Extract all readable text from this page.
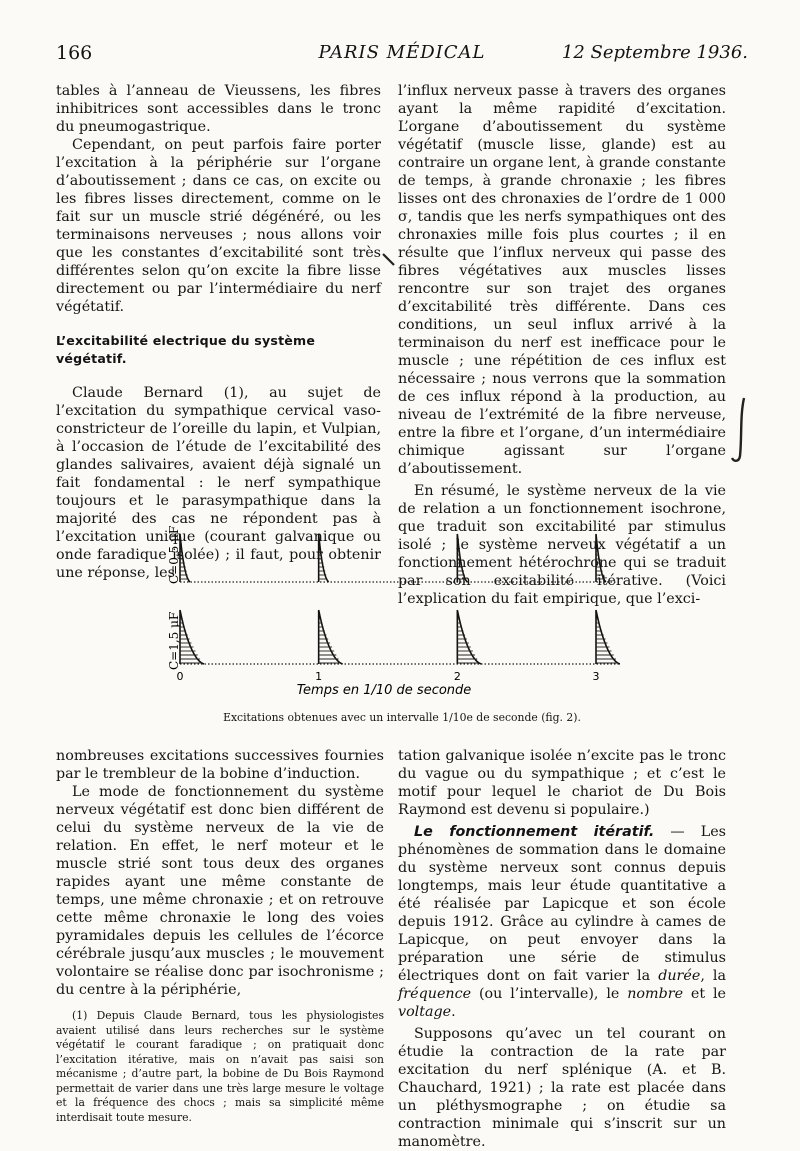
166	PARIS MÉDICAL	12 Septembre 1936.

tables à l’anneau de Vieussens, les fibres inhibitrices sont accessibles dans le tronc du pneumogastrique.

Cependant, on peut parfois faire porter l’excitation à la périphérie sur l’organe d’aboutissement ; dans ce cas, on excite ou les fibres lisses directement, comme on le fait sur un muscle strié dégénéré, ou les terminaisons nerveuses ; nous allons voir que les constantes d’excitabilité sont très différentes selon qu’on excite la fibre lisse directement ou par l’intermédiaire du nerf végétatif.

L’excitabilité electrique du système végétatif.

Claude Bernard (1), au sujet de l’excitation du sympathique cervical vaso-constricteur de l’oreille du lapin, et Vulpian, à l’occasion de l’étude de l’excitabilité des glandes salivaires, avaient déjà signalé un fait fondamental : le nerf sympathique toujours et le parasympathique dans la majorité des cas ne répondent pas à l’excitation unique (courant galvanique ou onde faradique isolée) ; il faut, pour obtenir une réponse, les

l’influx nerveux passe à travers des organes ayant la même rapidité d’excitation. L’organe d’aboutissement du système végétatif (muscle lisse, glande) est au contraire un organe lent, à grande constante de temps, à grande chronaxie ; les fibres lisses ont des chronaxies de l’ordre de 1 000 σ, tandis que les nerfs sympathiques ont des chronaxies mille fois plus courtes ; il en résulte que l’influx nerveux qui passe des fibres végétatives aux muscles lisses rencontre sur son trajet des organes d’excitabilité très différente. Dans ces conditions, un seul influx arrivé à la terminaison du nerf est inefficace pour le muscle ; une répétition de ces influx est nécessaire ; nous verrons que la sommation de ces influx répond à la production, au niveau de l’extrémité de la fibre nerveuse, entre la fibre et l’organe, d’un intermédiaire chimique agissant sur l’organe d’aboutissement.

En résumé, le système nerveux de la vie de relation a un fonctionnement isochrone, que traduit son excitabilité par stimulus isolé ; le système nerveux végétatif a un fonctionnement hétérochrone qui se traduit par son excitabilité itérative. (Voici l’explication du fait empirique, que l’exci-

C=0,5 μF
C=1,5 μF
0	1	2	3
Temps en 1/10 de seconde
Excitations obtenues avec un intervalle 1/10e de seconde (fig. 2).

nombreuses excitations successives fournies par le trembleur de la bobine d’induction.

Le mode de fonctionnement du système nerveux végétatif est donc bien différent de celui du système nerveux de la vie de relation. En effet, le nerf moteur et le muscle strié sont tous deux des organes rapides ayant une même constante de temps, une même chronaxie ; et on retrouve cette même chronaxie le long des voies pyramidales depuis les cellules de l’écorce cérébrale jusqu’aux muscles ; le mouvement volontaire se réalise donc par isochronisme ; du centre à la périphérie,

(1) Depuis Claude Bernard, tous les physiologistes avaient utilisé dans leurs recherches sur le système végétatif le courant faradique ; on pratiquait donc l’excitation itérative, mais on n’avait pas saisi son mécanisme ; d’autre part, la bobine de Du Bois Raymond permettait de varier dans une très large mesure le voltage et la fréquence des chocs ; mais sa simplicité même interdisait toute mesure.

tation galvanique isolée n’excite pas le tronc du vague ou du sympathique ; et c’est le motif pour lequel le chariot de Du Bois Raymond est devenu si populaire.)

Le fonctionnement itératif. — Les phénomènes de sommation dans le domaine du système nerveux sont connus depuis longtemps, mais leur étude quantitative a été réalisée par Lapicque et son école depuis 1912. Grâce au cylindre à cames de Lapicque, on peut envoyer dans la préparation une série de stimulus électriques dont on fait varier la durée, la fréquence (ou l’intervalle), le nombre et le voltage.

Supposons qu’avec un tel courant on étudie la contraction de la rate par excitation du nerf splénique (A. et B. Chauchard, 1921) ; la rate est placée dans un pléthysmographe ; on étudie sa contraction minimale qui s’inscrit sur un manomètre.
